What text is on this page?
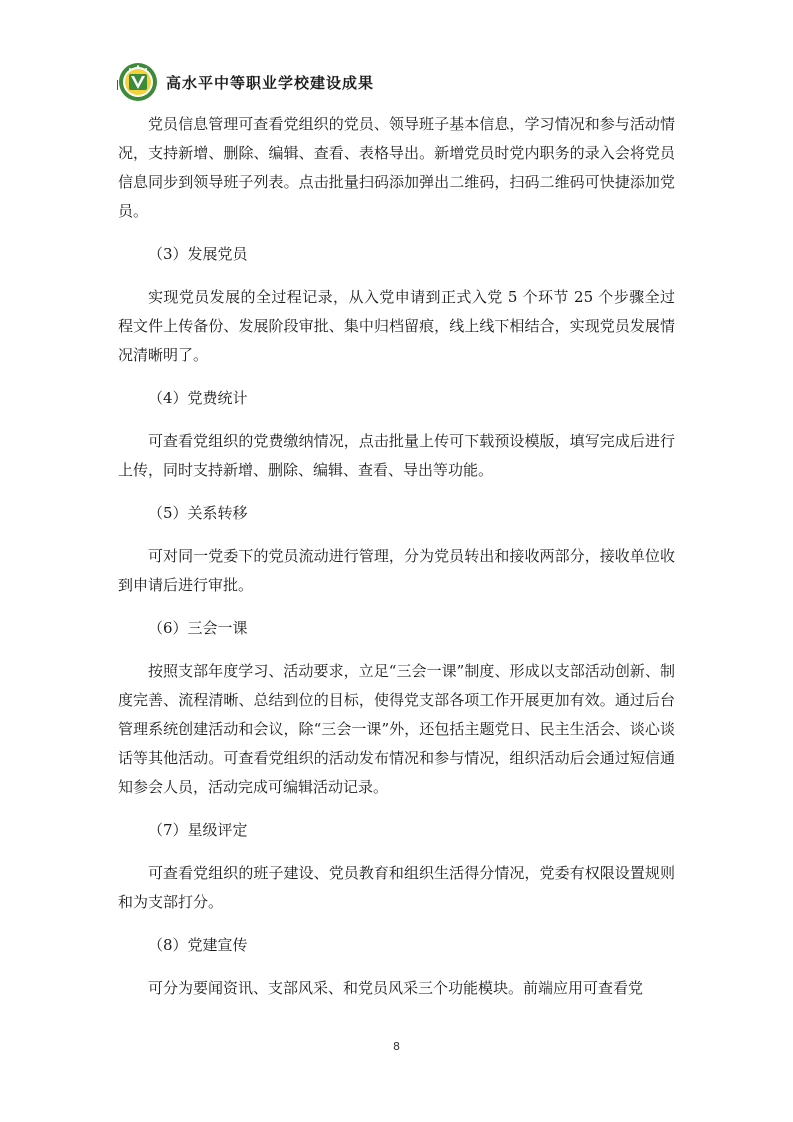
高水平中等职业学校建设成果

党员信息管理可查看党组织的党员、领导班子基本信息，学习情况和参与活动情况，支持新增、删除、编辑、查看、表格导出。新增党员时党内职务的录入会将党员信息同步到领导班子列表。点击批量扫码添加弹出二维码，扫码二维码可快捷添加党员。

（3）发展党员

实现党员发展的全过程记录，从入党申请到正式入党 5 个环节 25 个步骤全过程文件上传备份、发展阶段审批、集中归档留痕，线上线下相结合，实现党员发展情况清晰明了。

（4）党费统计

可查看党组织的党费缴纳情况，点击批量上传可下载预设模版，填写完成后进行上传，同时支持新增、删除、编辑、查看、导出等功能。

（5）关系转移

可对同一党委下的党员流动进行管理，分为党员转出和接收两部分，接收单位收到申请后进行审批。

（6）三会一课

按照支部年度学习、活动要求，立足“三会一课”制度、形成以支部活动创新、制度完善、流程清晰、总结到位的目标，使得党支部各项工作开展更加有效。通过后台管理系统创建活动和会议，除“三会一课”外，还包括主题党日、民主生活会、谈心谈话等其他活动。可查看党组织的活动发布情况和参与情况，组织活动后会通过短信通知参会人员，活动完成可编辑活动记录。

（7）星级评定

可查看党组织的班子建设、党员教育和组织生活得分情况，党委有权限设置规则和为支部打分。

（8）党建宣传

可分为要闻资讯、支部风采、和党员风采三个功能模块。前端应用可查看党

8
